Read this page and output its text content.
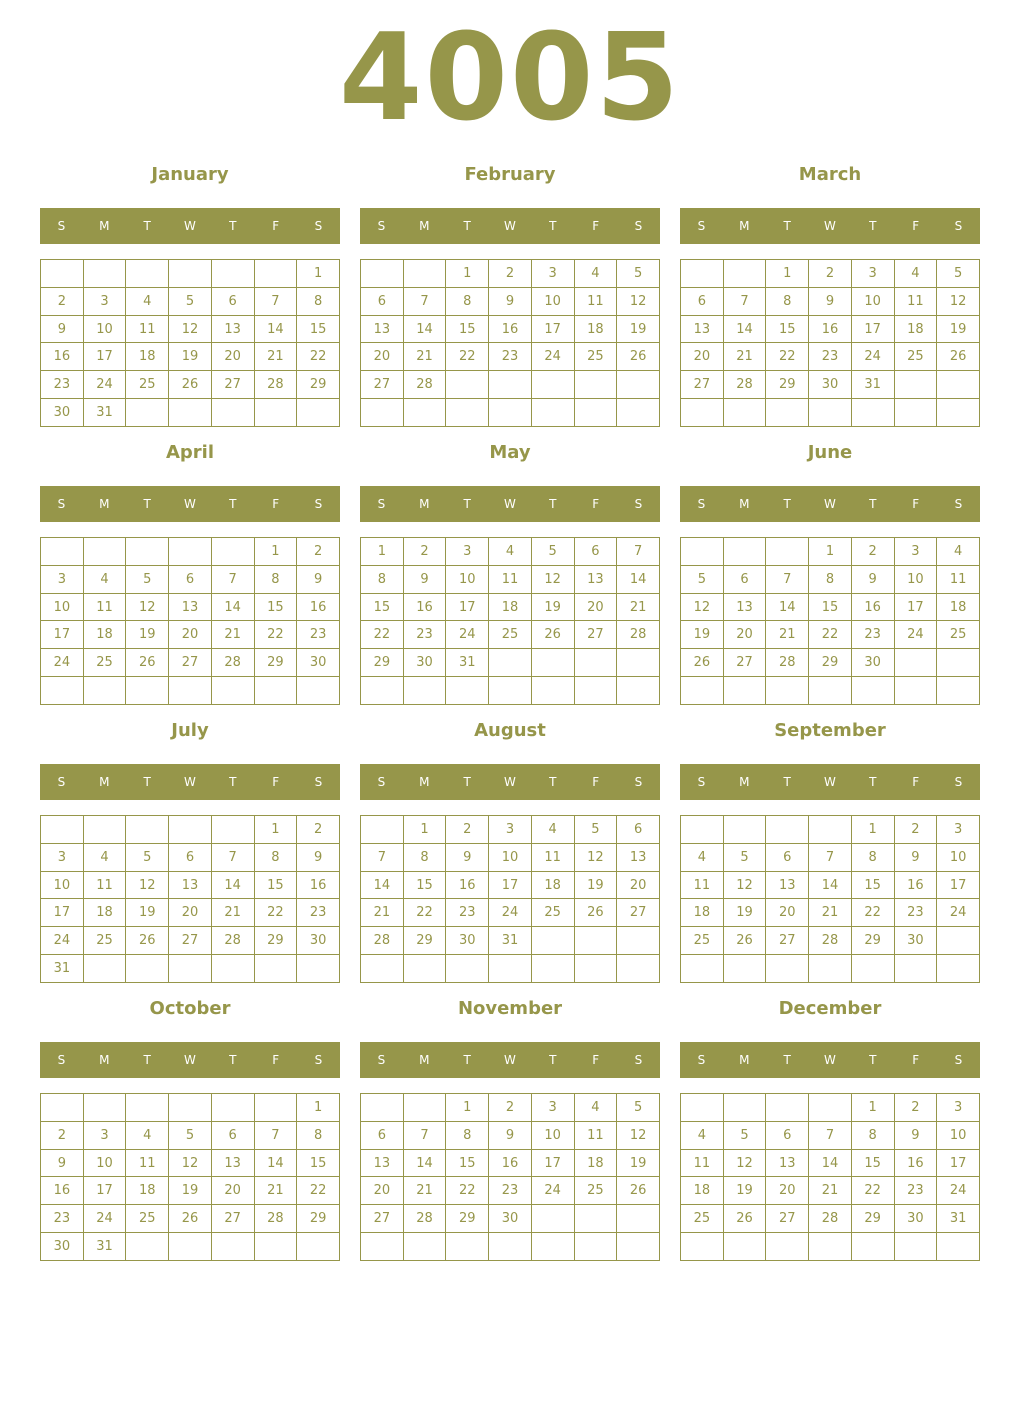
4005
January
S	M	T	W	T	F	S
						1
2	3	4	5	6	7	8
9	10	11	12	13	14	15
16	17	18	19	20	21	22
23	24	25	26	27	28	29
30	31					
February
S	M	T	W	T	F	S
		1	2	3	4	5
6	7	8	9	10	11	12
13	14	15	16	17	18	19
20	21	22	23	24	25	26
27	28					

March
S	M	T	W	T	F	S
		1	2	3	4	5
6	7	8	9	10	11	12
13	14	15	16	17	18	19
20	21	22	23	24	25	26
27	28	29	30	31		

April
S	M	T	W	T	F	S
					1	2
3	4	5	6	7	8	9
10	11	12	13	14	15	16
17	18	19	20	21	22	23
24	25	26	27	28	29	30

May
S	M	T	W	T	F	S
1	2	3	4	5	6	7
8	9	10	11	12	13	14
15	16	17	18	19	20	21
22	23	24	25	26	27	28
29	30	31				

June
S	M	T	W	T	F	S
			1	2	3	4
5	6	7	8	9	10	11
12	13	14	15	16	17	18
19	20	21	22	23	24	25
26	27	28	29	30		

July
S	M	T	W	T	F	S
					1	2
3	4	5	6	7	8	9
10	11	12	13	14	15	16
17	18	19	20	21	22	23
24	25	26	27	28	29	30
31						
August
S	M	T	W	T	F	S
	1	2	3	4	5	6
7	8	9	10	11	12	13
14	15	16	17	18	19	20
21	22	23	24	25	26	27
28	29	30	31			

September
S	M	T	W	T	F	S
				1	2	3
4	5	6	7	8	9	10
11	12	13	14	15	16	17
18	19	20	21	22	23	24
25	26	27	28	29	30	

October
S	M	T	W	T	F	S
						1
2	3	4	5	6	7	8
9	10	11	12	13	14	15
16	17	18	19	20	21	22
23	24	25	26	27	28	29
30	31					
November
S	M	T	W	T	F	S
		1	2	3	4	5
6	7	8	9	10	11	12
13	14	15	16	17	18	19
20	21	22	23	24	25	26
27	28	29	30			

December
S	M	T	W	T	F	S
				1	2	3
4	5	6	7	8	9	10
11	12	13	14	15	16	17
18	19	20	21	22	23	24
25	26	27	28	29	30	31
